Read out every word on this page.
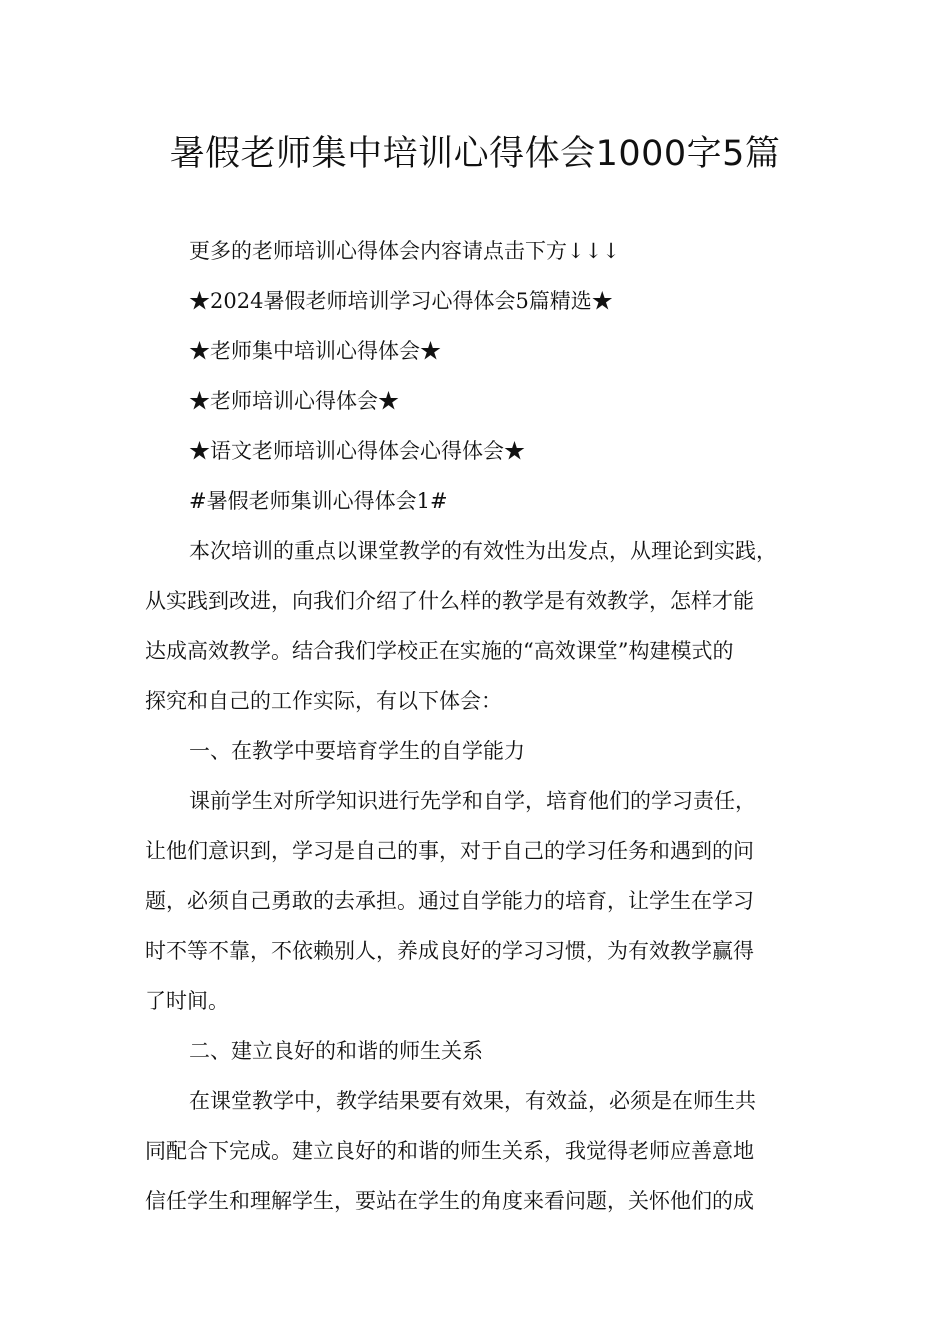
暑假老师集中培训心得体会1000字5篇
更多的老师培训心得体会内容请点击下方↓↓↓
★2024暑假老师培训学习心得体会5篇精选★
★老师集中培训心得体会★
★老师培训心得体会★
★语文老师培训心得体会心得体会★
#暑假老师集训心得体会1#
本次培训的重点以课堂教学的有效性为出发点，从理论到实践，
从实践到改进，向我们介绍了什么样的教学是有效教学，怎样才能
达成高效教学。结合我们学校正在实施的“高效课堂”构建模式的
探究和自己的工作实际，有以下体会：
一、在教学中要培育学生的自学能力
课前学生对所学知识进行先学和自学，培育他们的学习责任，
让他们意识到，学习是自己的事，对于自己的学习任务和遇到的问
题，必须自己勇敢的去承担。通过自学能力的培育，让学生在学习
时不等不靠，不依赖别人，养成良好的学习习惯，为有效教学赢得
了时间。
二、建立良好的和谐的师生关系
在课堂教学中，教学结果要有效果，有效益，必须是在师生共
同配合下完成。建立良好的和谐的师生关系，我觉得老师应善意地
信任学生和理解学生，要站在学生的角度来看问题，关怀他们的成
